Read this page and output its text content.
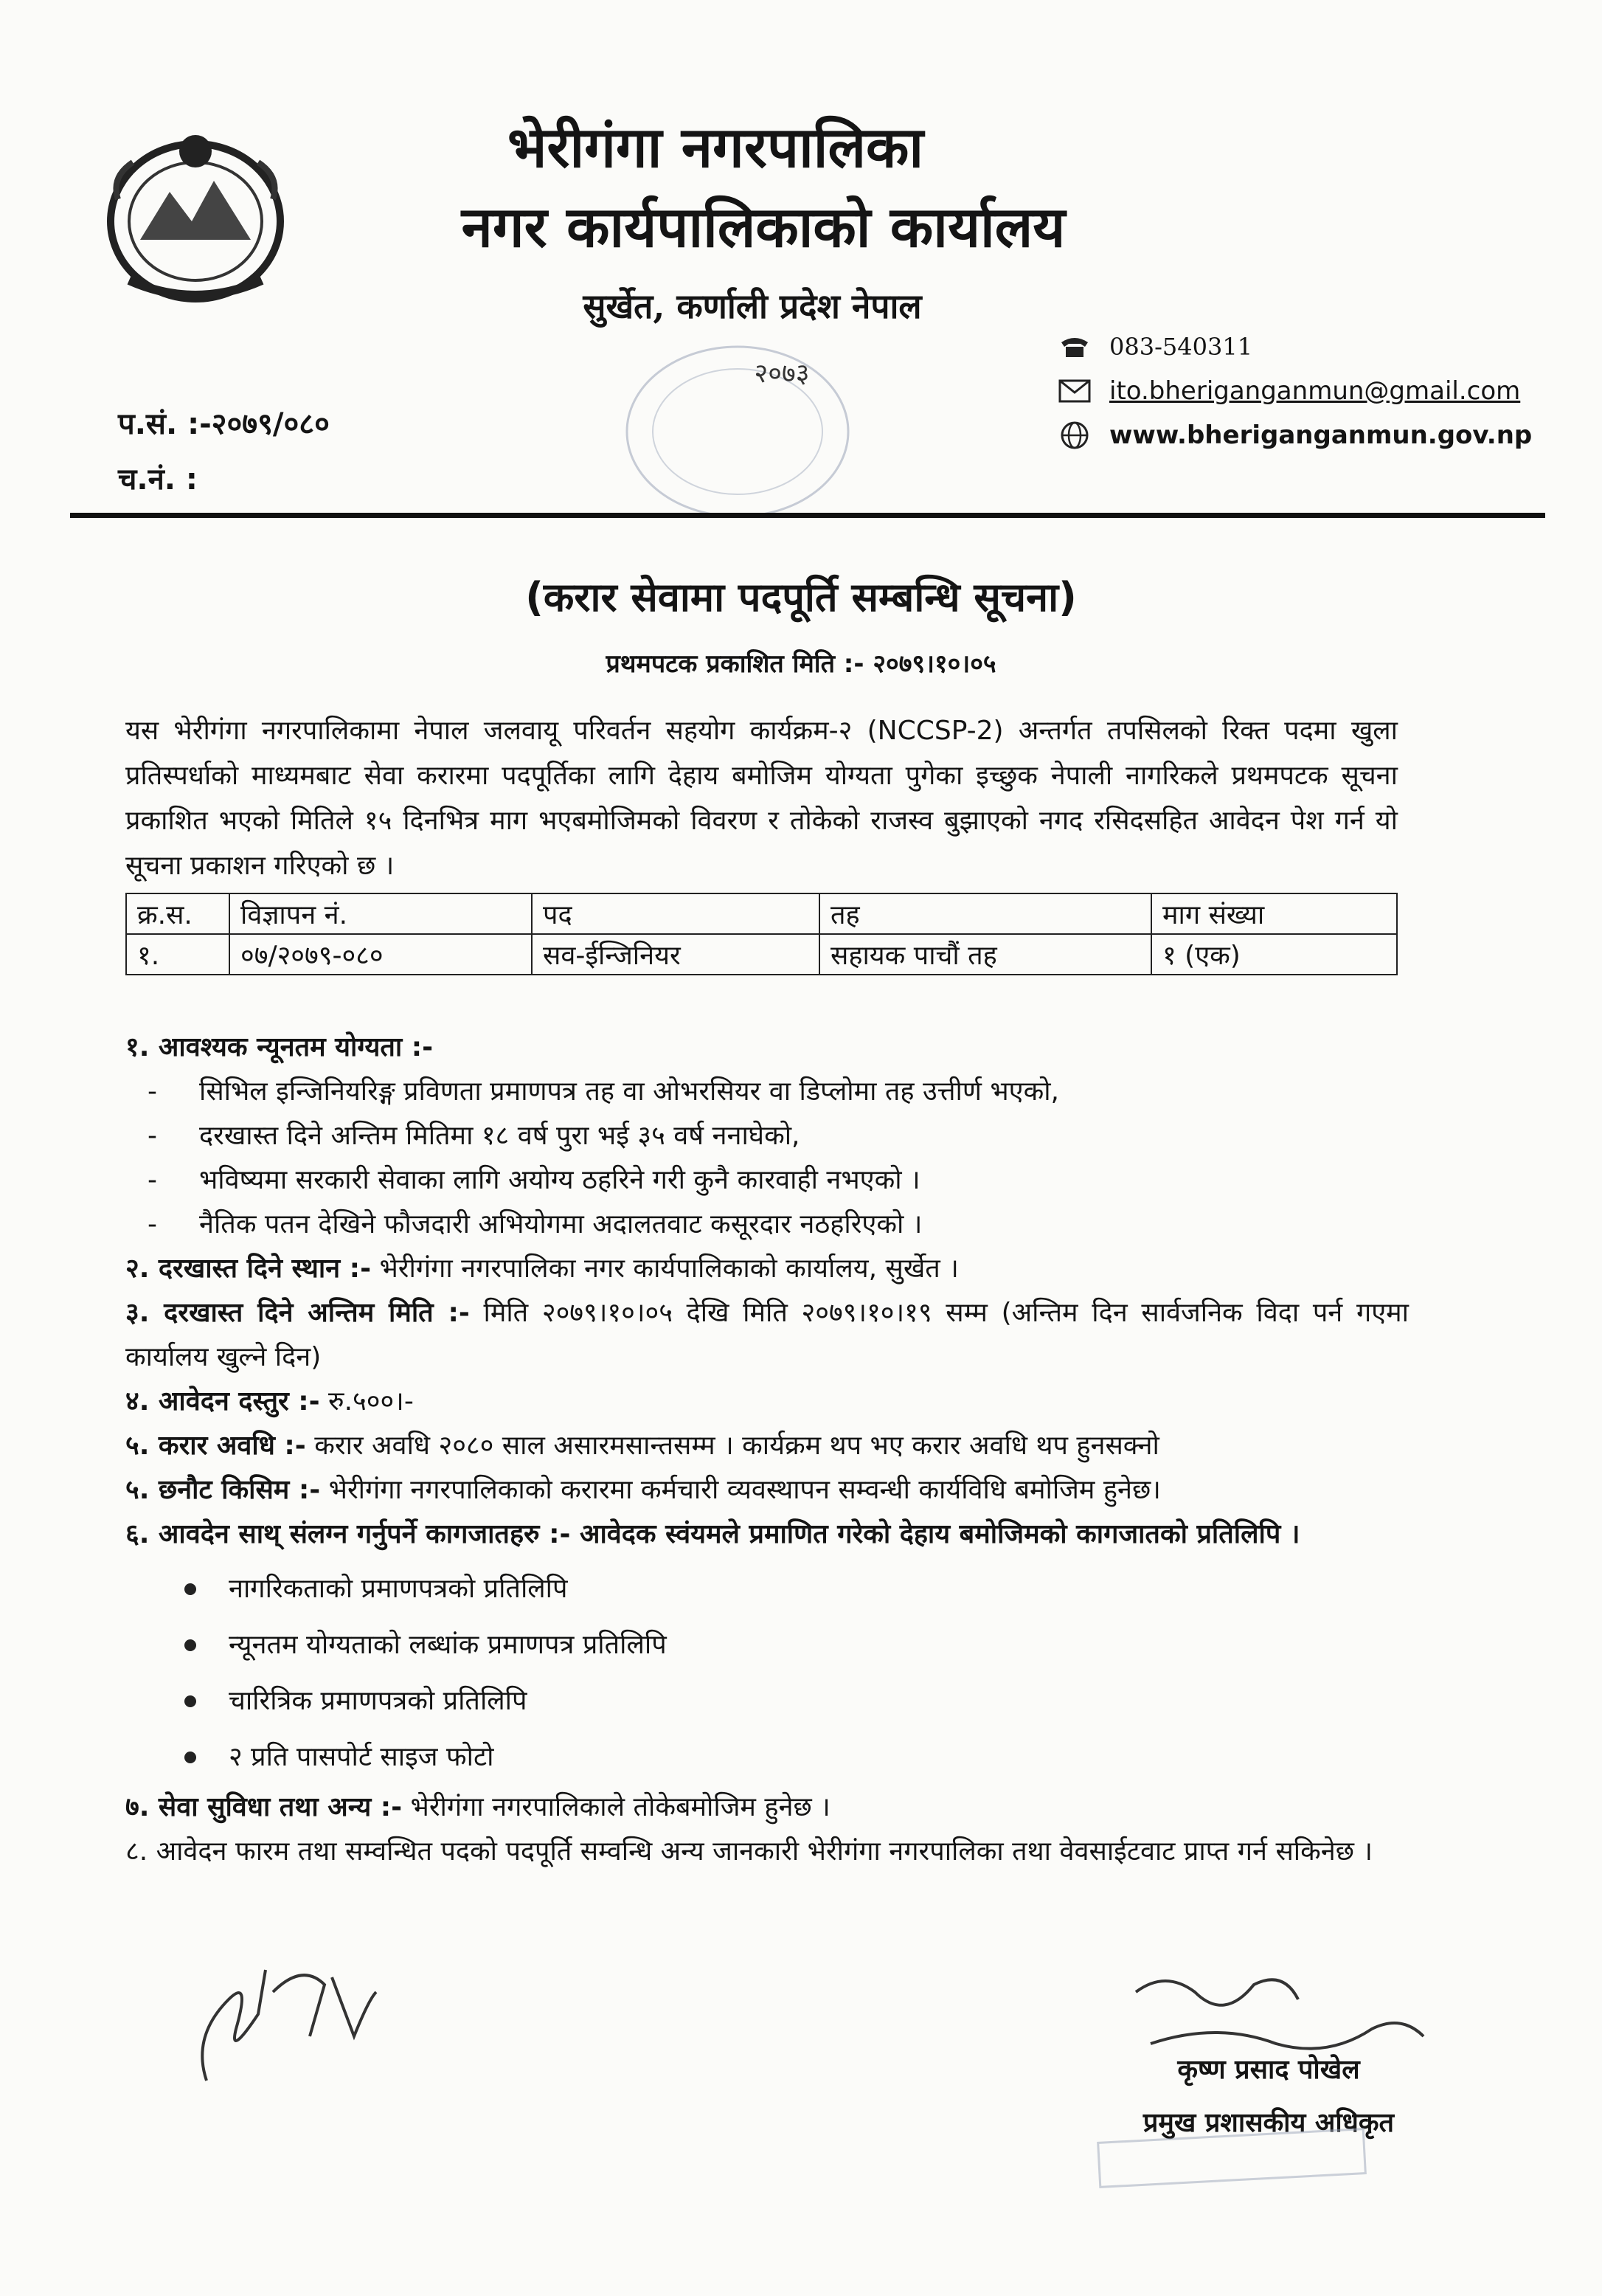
भेरीगंगा नगरपालिका
नगर कार्यपालिकाको कार्यालय
सुर्खेत, कर्णाली प्रदेश नेपाल
२०७३
083-540311
ito.bheriganganmun@gmail.com
www.bheriganganmun.gov.np
प.सं. :-२०७९/०८०
च.नं. :
(करार सेवामा पदपूर्ति सम्बन्धि सूचना)
प्रथमपटक प्रकाशित मिति :- २०७९।१०।०५
यस भेरीगंगा नगरपालिकामा नेपाल जलवायू परिवर्तन सहयोग कार्यक्रम-२ (NCCSP-2) अन्तर्गत तपसिलको रिक्त पदमा खुला प्रतिस्पर्धाको माध्यमबाट सेवा करारमा पदपूर्तिका लागि देहाय बमोजिम योग्यता पुगेका इच्छुक नेपाली नागरिकले प्रथमपटक सूचना प्रकाशित भएको मितिले १५ दिनभित्र माग भएबमोजिमको विवरण र तोकेको राजस्व बुझाएको नगद रसिदसहित आवेदन पेश गर्न यो सूचना प्रकाशन गरिएको छ ।
क्र.स.	विज्ञापन नं.	पद	तह	माग संख्या
१.	०७/२०७९-०८०	सव-ईन्जिनियर	सहायक पाचौं तह	१ (एक)
१. आवश्यक न्यूनतम योग्यता :-
-	सिभिल इन्जिनियरिङ्ग प्रविणता प्रमाणपत्र तह वा ओभरसियर वा डिप्लोमा तह उत्तीर्ण भएको,
-	दरखास्त दिने अन्तिम मितिमा १८ वर्ष पुरा भई ३५ वर्ष ननाघेको,
-	भविष्यमा सरकारी सेवाका लागि अयोग्य ठहरिने गरी कुनै कारवाही नभएको ।
-	नैतिक पतन देखिने फौजदारी अभियोगमा अदालतवाट कसूरदार नठहरिएको ।
२. दरखास्त दिने स्थान :- भेरीगंगा नगरपालिका नगर कार्यपालिकाको कार्यालय, सुर्खेत ।
३. दरखास्त दिने अन्तिम मिति :- मिति २०७९।१०।०५ देखि मिति २०७९।१०।१९ सम्म (अन्तिम दिन सार्वजनिक विदा पर्न गएमा कार्यालय खुल्ने दिन)
४. आवेदन दस्तुर :- रु.५००।-
५. करार अवधि :- करार अवधि २०८० साल असारमसान्तसम्म । कार्यक्रम थप भए करार अवधि थप हुनसक्नो
५. छनौट किसिम :- भेरीगंगा नगरपालिकाको करारमा कर्मचारी व्यवस्थापन सम्वन्धी कार्यविधि बमोजिम हुनेछ।
६. आवदेन साथ् संलग्न गर्नुपर्ने कागजातहरु :- आवेदक स्वंयमले प्रमाणित गरेको देहाय बमोजिमको कागजातको प्रतिलिपि ।
नागरिकताको प्रमाणपत्रको प्रतिलिपि
न्यूनतम योग्यताको लब्धांक प्रमाणपत्र प्रतिलिपि
चारित्रिक प्रमाणपत्रको प्रतिलिपि
२ प्रति पासपोर्ट साइज फोटो
७. सेवा सुविधा तथा अन्य :- भेरीगंगा नगरपालिकाले तोकेबमोजिम हुनेछ ।
८. आवेदन फारम तथा सम्वन्धित पदको पदपूर्ति सम्वन्धि अन्य जानकारी भेरीगंगा नगरपालिका तथा वेवसाईटवाट प्राप्त गर्न सकिनेछ ।
कृष्ण प्रसाद पोखेल
प्रमुख प्रशासकीय अधिकृत
